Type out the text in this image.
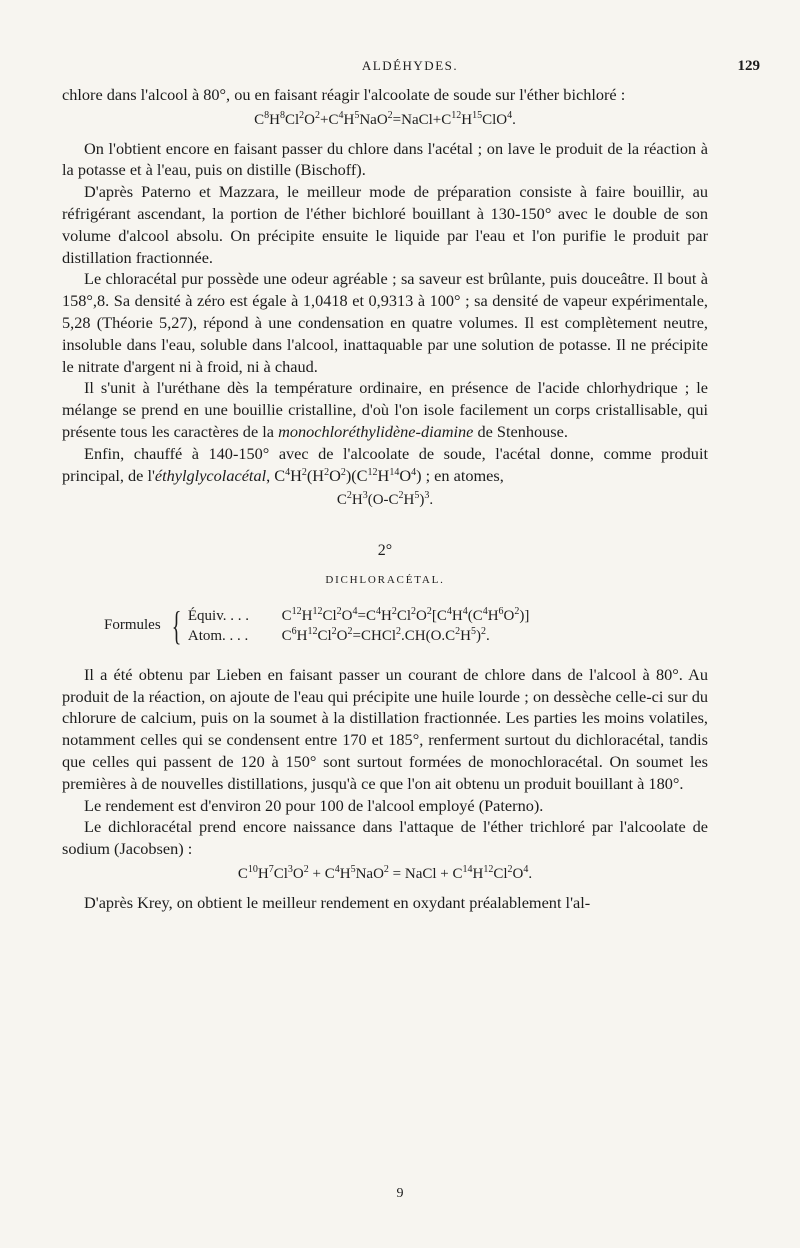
ALDÉHYDES.	129

chlore dans l'alcool à 80°, ou en faisant réagir l'alcoolate de soude sur l'éther bichloré :

$C^8H^8Cl^2O^2+C^4H^5NaO^2=NaCl+C^{12}H^{15}ClO^4$.

On l'obtient encore en faisant passer du chlore dans l'acétal ; on lave le produit de la réaction à la potasse et à l'eau, puis on distille (Bischoff).

D'après Paterno et Mazzara, le meilleur mode de préparation consiste à faire bouillir, au réfrigérant ascendant, la portion de l'éther bichloré bouillant à 130-150° avec le double de son volume d'alcool absolu. On précipite ensuite le liquide par l'eau et l'on purifie le produit par distillation fractionnée.

Le chloracétal pur possède une odeur agréable ; sa saveur est brûlante, puis douceâtre. Il bout à 158°,8. Sa densité à zéro est égale à 1,0418 et 0,9313 à 100° ; sa densité de vapeur expérimentale, 5,28 (Théorie 5,27), répond à une condensation en quatre volumes. Il est complètement neutre, insoluble dans l'eau, soluble dans l'alcool, inattaquable par une solution de potasse. Il ne précipite le nitrate d'argent ni à froid, ni à chaud.

Il s'unit à l'uréthane dès la température ordinaire, en présence de l'acide chlorhydrique ; le mélange se prend en une bouillie cristalline, d'où l'on isole facilement un corps cristallisable, qui présente tous les caractères de la monochloréthylidène-diamine de Stenhouse.

Enfin, chauffé à 140-150° avec de l'alcoolate de soude, l'acétal donne, comme produit principal, de l'éthylglycolacétal, $C^4H^2(H^2O^2)(C^{12}H^{14}O^4)$ ; en atomes,

$C^2H^3(O-C^2H^5)^3$.
2°
DICHLORACÉTAL.
Formules { Équiv. . . . $C^{12}H^{12}Cl^2O^4=C^4H^2Cl^2O^2[C^4H^4(C^4H^6O^2)]$
Atom. . . . $C^6H^{12}Cl^2O^2=CHCl^2.CH(O.C^2H^5)^2$.

Il a été obtenu par Lieben en faisant passer un courant de chlore dans de l'alcool à 80°. Au produit de la réaction, on ajoute de l'eau qui précipite une huile lourde ; on dessèche celle-ci sur du chlorure de calcium, puis on la soumet à la distillation fractionnée. Les parties les moins volatiles, notamment celles qui se condensent entre 170 et 185°, renferment surtout du dichloracétal, tandis que celles qui passent de 120 à 150° sont surtout formées de monochloracétal. On soumet les premières à de nouvelles distillations, jusqu'à ce que l'on ait obtenu un produit bouillant à 180°.

Le rendement est d'environ 20 pour 100 de l'alcool employé (Paterno).

Le dichloracétal prend encore naissance dans l'attaque de l'éther trichloré par l'alcoolate de sodium (Jacobsen) :

$C^{10}H^7Cl^3O^2 + C^4H^5NaO^2$ = NaCl + $C^{14}H^{12}Cl^2O^4$.

D'après Krey, on obtient le meilleur rendement en oxydant préalablement l'al-

9
